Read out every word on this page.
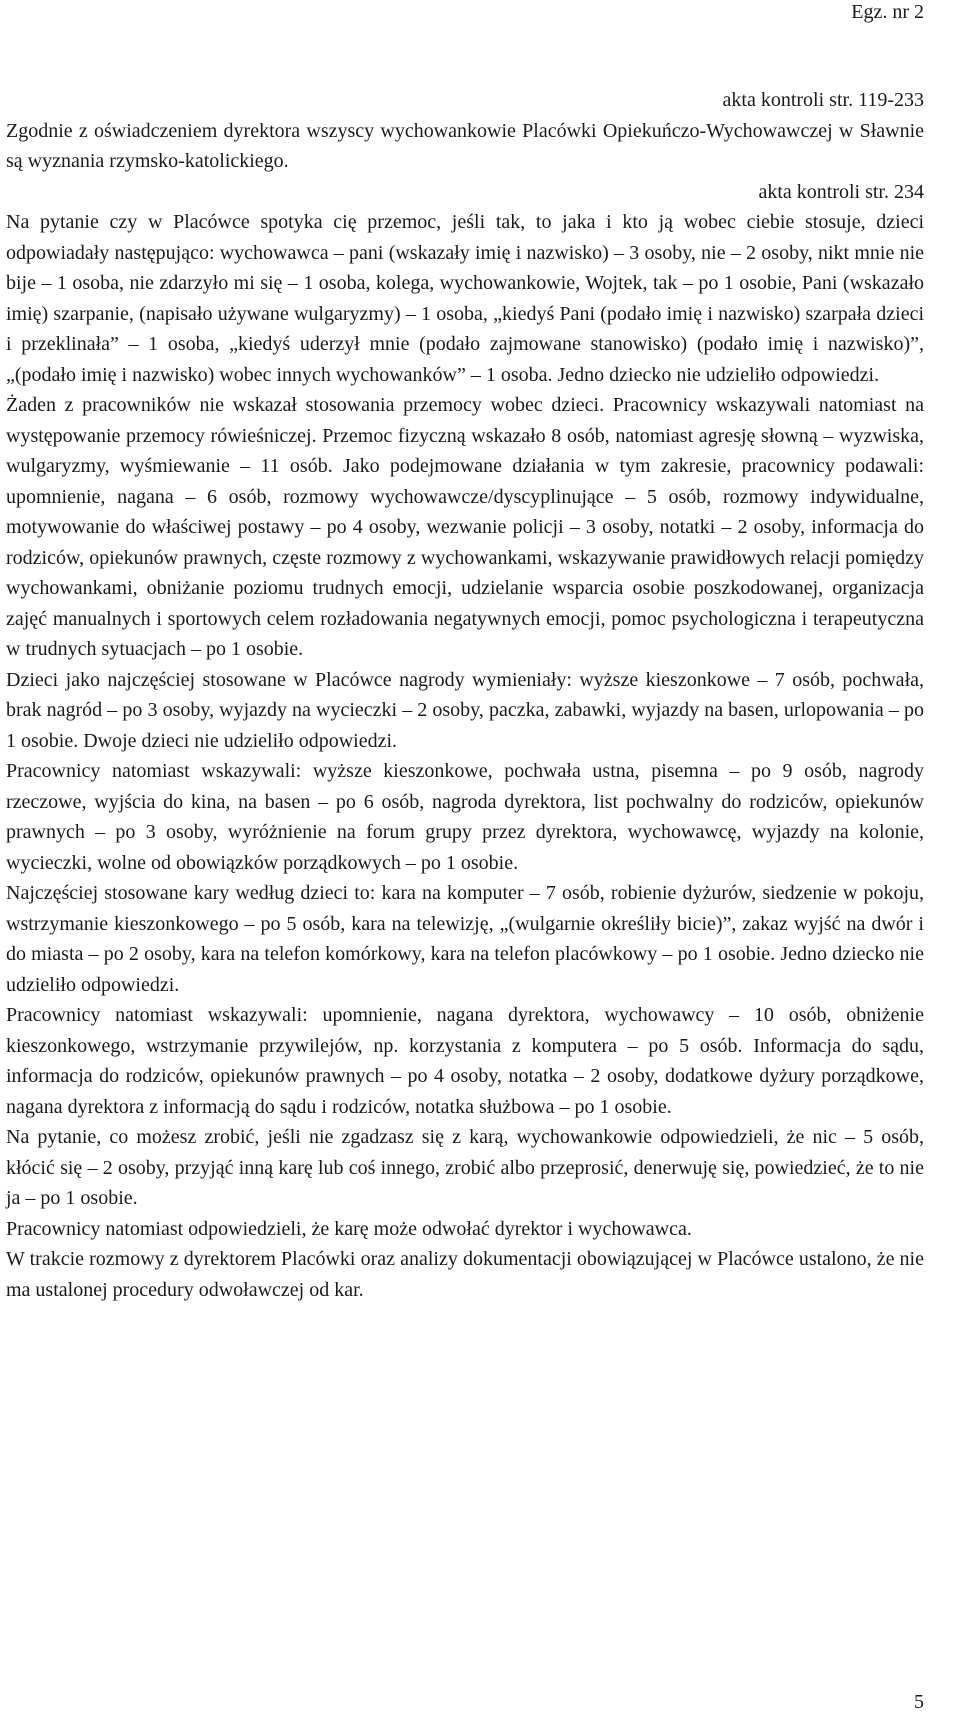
Egz. nr 2

akta kontroli str. 119-233

Zgodnie z oświadczeniem dyrektora wszyscy wychowankowie Placówki Opiekuńczo-Wychowawczej w Sławnie są wyznania rzymsko-katolickiego.

akta kontroli str. 234

Na pytanie czy w Placówce spotyka cię przemoc, jeśli tak, to jaka i kto ją wobec ciebie stosuje, dzieci odpowiadały następująco: wychowawca – pani (wskazały imię i nazwisko) – 3 osoby, nie – 2 osoby, nikt mnie nie bije – 1 osoba, nie zdarzyło mi się – 1 osoba, kolega, wychowankowie, Wojtek, tak – po 1 osobie, Pani (wskazało imię) szarpanie, (napisało używane wulgaryzmy) – 1 osoba, „kiedyś Pani (podało imię i nazwisko) szarpała dzieci i przeklinała” – 1 osoba, „kiedyś uderzył mnie (podało zajmowane stanowisko) (podało imię i nazwisko)”, „(podało imię i nazwisko) wobec innych wychowanków” – 1 osoba. Jedno dziecko nie udzieliło odpowiedzi.

Żaden z pracowników nie wskazał stosowania przemocy wobec dzieci. Pracownicy wskazywali natomiast na występowanie przemocy rówieśniczej. Przemoc fizyczną wskazało 8 osób, natomiast agresję słowną – wyzwiska, wulgaryzmy, wyśmiewanie – 11 osób. Jako podejmowane działania w tym zakresie, pracownicy podawali: upomnienie, nagana – 6 osób, rozmowy wychowawcze/dyscyplinujące – 5 osób, rozmowy indywidualne, motywowanie do właściwej postawy – po 4 osoby, wezwanie policji – 3 osoby, notatki – 2 osoby, informacja do rodziców, opiekunów prawnych, częste rozmowy z wychowankami, wskazywanie prawidłowych relacji pomiędzy wychowankami, obniżanie poziomu trudnych emocji, udzielanie wsparcia osobie poszkodowanej, organizacja zajęć manualnych i sportowych celem rozładowania negatywnych emocji, pomoc psychologiczna i terapeutyczna w trudnych sytuacjach – po 1 osobie.

Dzieci jako najczęściej stosowane w Placówce nagrody wymieniały: wyższe kieszonkowe – 7 osób, pochwała, brak nagród – po 3 osoby, wyjazdy na wycieczki – 2 osoby, paczka, zabawki, wyjazdy na basen, urlopowania – po 1 osobie. Dwoje dzieci nie udzieliło odpowiedzi.

Pracownicy natomiast wskazywali: wyższe kieszonkowe, pochwała ustna, pisemna – po 9 osób, nagrody rzeczowe, wyjścia do kina, na basen – po 6 osób, nagroda dyrektora, list pochwalny do rodziców, opiekunów prawnych – po 3 osoby, wyróżnienie na forum grupy przez dyrektora, wychowawcę, wyjazdy na kolonie, wycieczki, wolne od obowiązków porządkowych – po 1 osobie.

Najczęściej stosowane kary według dzieci to: kara na komputer – 7 osób, robienie dyżurów, siedzenie w pokoju, wstrzymanie kieszonkowego – po 5 osób, kara na telewizję, „(wulgarnie określiły bicie)”, zakaz wyjść na dwór i do miasta – po 2 osoby, kara na telefon komórkowy, kara na telefon placówkowy – po 1 osobie. Jedno dziecko nie udzieliło odpowiedzi.

Pracownicy natomiast wskazywali: upomnienie, nagana dyrektora, wychowawcy – 10 osób, obniżenie kieszonkowego, wstrzymanie przywilejów, np. korzystania z komputera – po 5 osób. Informacja do sądu, informacja do rodziców, opiekunów prawnych – po 4 osoby, notatka – 2 osoby, dodatkowe dyżury porządkowe, nagana dyrektora z informacją do sądu i rodziców, notatka służbowa – po 1 osobie.

Na pytanie, co możesz zrobić, jeśli nie zgadzasz się z karą, wychowankowie odpowiedzieli, że nic – 5 osób, kłócić się – 2 osoby, przyjąć inną karę lub coś innego, zrobić albo przeprosić, denerwuję się, powiedzieć, że to nie ja – po 1 osobie.

Pracownicy natomiast odpowiedzieli, że karę może odwołać dyrektor i wychowawca.

W trakcie rozmowy z dyrektorem Placówki oraz analizy dokumentacji obowiązującej w Placówce ustalono, że nie ma ustalonej procedury odwoławczej od kar.

5
